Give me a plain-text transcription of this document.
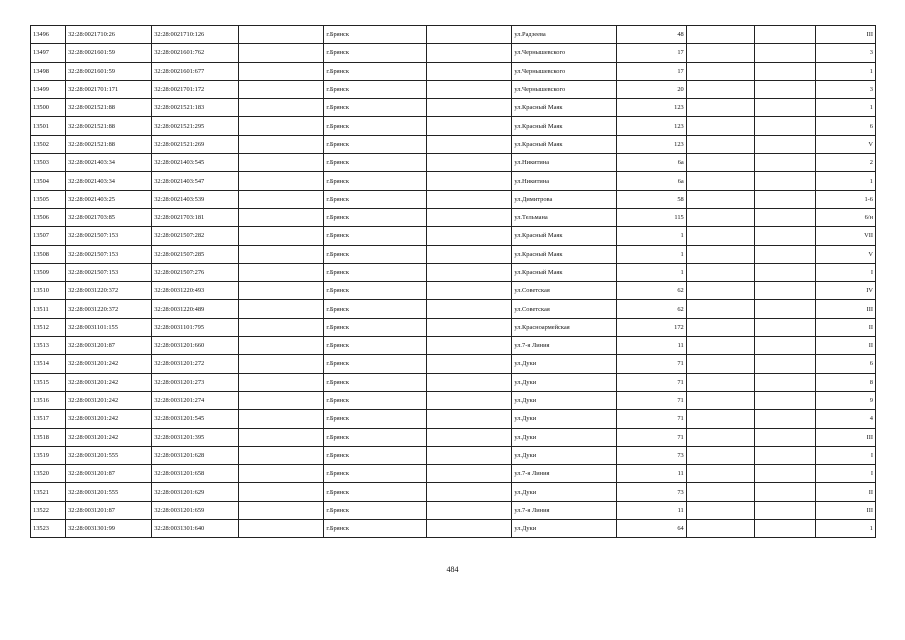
13496	32:28:0021710:26	32:28:0021710:126		г.Брянск		ул.Радзеева	48			III
13497	32:28:0021601:59	32:28:0021601:762		г.Брянск		ул.Чернышевского	17			3
13498	32:28:0021601:59	32:28:0021601:677		г.Брянск		ул.Чернышевского	17			1
13499	32:28:0021701:171	32:28:0021701:172		г.Брянск		ул.Чернышевского	20			3
13500	32:28:0021521:88	32:28:0021521:183		г.Брянск		ул.Красный Маяк	123			1
13501	32:28:0021521:88	32:28:0021521:295		г.Брянск		ул.Красный Маяк	123			6
13502	32:28:0021521:88	32:28:0021521:269		г.Брянск		ул.Красный Маяк	123			V
13503	32:28:0021403:34	32:28:0021403:545		г.Брянск		ул.Никитина	6а			2
13504	32:28:0021403:34	32:28:0021403:547		г.Брянск		ул.Никитина	6а			1
13505	32:28:0021403:25	32:28:0021403:539		г.Брянск		ул.Димитрова	58			1-6
13506	32:28:0021703:85	32:28:0021703:181		г.Брянск		ул.Тельмана	115			6/н
13507	32:28:0021507:153	32:28:0021507:282		г.Брянск		ул.Красный Маяк	1			VII
13508	32:28:0021507:153	32:28:0021507:285		г.Брянск		ул.Красный Маяк	1			V
13509	32:28:0021507:153	32:28:0021507:276		г.Брянск		ул.Красный Маяк	1			I
13510	32:28:0031220:372	32:28:0031220:493		г.Брянск		ул.Советская	62			IV
13511	32:28:0031220:372	32:28:0031220:489		г.Брянск		ул.Советская	62			III
13512	32:28:0031101:155	32:28:0031101:795		г.Брянск		ул.Красноармейская	172			II
13513	32:28:0031201:87	32:28:0031201:660		г.Брянск		ул.7-я Линия	11			II
13514	32:28:0031201:242	32:28:0031201:272		г.Брянск		ул.Дуки	71			6
13515	32:28:0031201:242	32:28:0031201:273		г.Брянск		ул.Дуки	71			8
13516	32:28:0031201:242	32:28:0031201:274		г.Брянск		ул.Дуки	71			9
13517	32:28:0031201:242	32:28:0031201:545		г.Брянск		ул.Дуки	71			4
13518	32:28:0031201:242	32:28:0031201:395		г.Брянск		ул.Дуки	71			III
13519	32:28:0031201:555	32:28:0031201:628		г.Брянск		ул.Дуки	73			I
13520	32:28:0031201:87	32:28:0031201:658		г.Брянск		ул.7-я Линия	11			I
13521	32:28:0031201:555	32:28:0031201:629		г.Брянск		ул.Дуки	73			II
13522	32:28:0031201:87	32:28:0031201:659		г.Брянск		ул.7-я Линия	11			III
13523	32:28:0031301:99	32:28:0031301:640		г.Брянск		ул.Дуки	64			1
484
